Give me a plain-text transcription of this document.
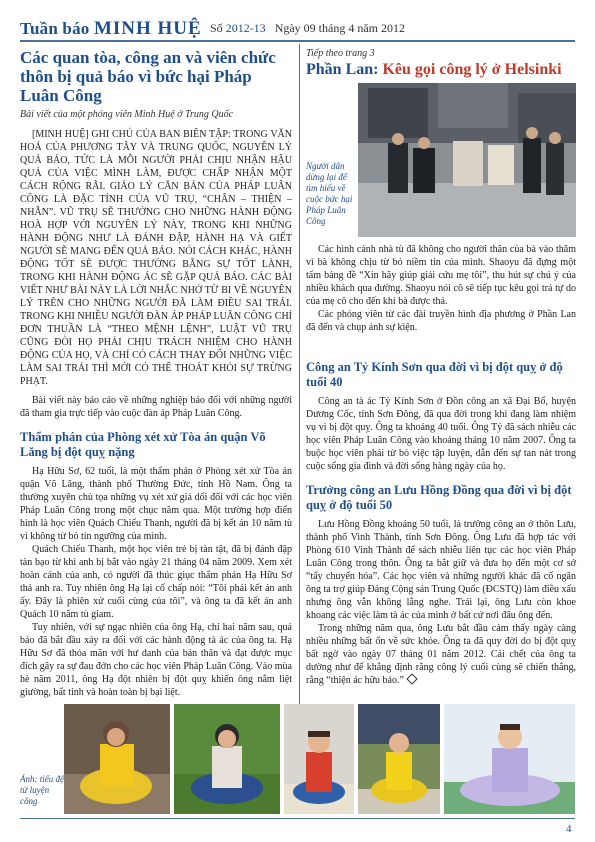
Tuần báo MINH HUỆ Số 2012-13 Ngày 09 tháng 4 năm 2012
Các quan tòa, công an và viên chức thôn bị quả báo vì bức hại Pháp Luân Công
Bài viết của một phóng viên Minh Huệ ở Trung Quốc

[MINH HUỆ] GHI CHÚ CỦA BAN BIÊN TẬP: TRONG VĂN HOÁ CỦA PHƯƠNG TÂY VÀ TRUNG QUỐC, NGUYÊN LÝ QUẢ BÁO, TỨC LÀ MỖI NGƯỜI PHẢI CHỊU NHẬN HẬU QUẢ CỦA VIỆC MÌNH LÀM, ĐƯỢC CHẤP NHẬN MỘT CÁCH RỘNG RÃI. GIÁO LÝ CĂN BẢN CỦA PHÁP LUÂN CÔNG LÀ ĐẶC TÍNH CỦA VŨ TRỤ, “CHÂN – THIỆN – NHẪN”. VŨ TRỤ SẼ THƯỞNG CHO NHỮNG HÀNH ĐỘNG HOÀ HỢP VỚI NGUYÊN LÝ NÀY, TRONG KHI NHỮNG HÀNH ĐỘNG NHƯ LÀ ĐÁNH ĐẬP, HÀNH HẠ VÀ GIẾT NGƯỜI SẼ MANG ĐẾN QUẢ BÁO. NÓI CÁCH KHÁC, HÀNH ĐỘNG TỐT SẼ ĐƯỢC THƯỞNG BẰNG SỰ TỐT LÀNH, TRONG KHI HÀNH ĐỘNG ÁC SẼ GẶP QUẢ BÁO. CÁC BÀI VIẾT NHƯ BÀI NÀY LÀ LỜI NHẮC NHỞ TỪ BI VỀ NGUYÊN LÝ TRÊN CHO NHỮNG NGƯỜI ĐÃ LÀM ĐIỀU SAI TRÁI. TRONG KHI NHIỀU NGƯỜI ĐÀN ÁP PHÁP LUÂN CÔNG CHỈ ĐƠN THUẦN LÀ “THEO MỆNH LỆNH”, LUẬT VŨ TRỤ CŨNG ĐÒI HỌ PHẢI CHỊU TRÁCH NHIỆM CHO HÀNH ĐỘNG CỦA HỌ, VÀ CHỈ CÓ CÁCH THAY ĐỔI NHỮNG VIỆC LÀM SAI TRÁI THÌ MỚI CÓ THỂ THOÁT KHỎI SỰ TRỪNG PHẠT.

Bài viết này báo cáo về những nghiệp báo đối với những người đã tham gia trực tiếp vào cuộc đàn áp Pháp Luân Công.

Thẩm phán của Phòng xét xử Tòa án quận Võ Lăng bị đột quỵ nặng

Hạ Hữu Sơ, 62 tuổi, là một thẩm phán ở Phòng xét xử Tòa án quận Võ Lăng, thành phố Thường Đức, tỉnh Hồ Nam. Ông ta thường xuyên chủ tọa những vụ xét xử giả dối đối với các học viên Pháp Luân Công trong một chục năm qua. Một trường hợp điển hình là học viên Quách Chiếu Thanh, người đã bị kết án 10 năm tù vì không từ bỏ tín ngưỡng của mình.

Quách Chiếu Thanh, một học viên trẻ bị tàn tật, đã bị đánh đập tàn bạo từ khi anh bị bắt vào ngày 21 tháng 04 năm 2009. Xem xét hoàn cảnh của anh, có người đã thúc giục thẩm phán Hạ Hữu Sơ thả anh ra. Tuy nhiên ông Hạ lại cố chấp nói: “Tôi phải kết án anh ấy. Đây là phiên xử cuối cùng của tôi”, và ông ta đã kết án anh Quách 10 năm tù giam.

Tuy nhiên, với sự ngạc nhiên của ông Hạ, chỉ hai năm sau, quả báo đã bắt đầu xảy ra đối với các hành động tà ác của ông ta. Hạ Hữu Sơ đã thỏa mãn với hư danh của bản thân và đạt được mục đích gây ra sự đau đớn cho các học viên Pháp Luân Công. Vào mùa hè năm 2011, ông Hạ đột nhiên bị đột quỵ khiến ông nằm liệt giường, bất tỉnh và hoàn toàn bị bại liệt.

Tiếp theo trang 3
Phần Lan: Kêu gọi công lý ở Helsinki
Người dân dừng lại để tìm hiểu về cuộc bức hại Pháp Luân Công

Các hình cảnh nhà tù đã không cho người thân của bà vào thăm vì bà không chịu từ bỏ niềm tin của mình. Shaoyu đã đựng một tấm bảng đề “Xin hãy giúp giải cứu mẹ tôi”, thu hút sự chú ý của nhiều khách qua đường. Shaoyu nói cô sẽ tiếp tục kêu gọi trả tự do của mẹ cô cho đến khi bà được thả.

Các phóng viên từ các đài truyền hình địa phương ở Phần Lan đã đến và chụp ảnh sự kiện.

Công an Tỷ Kính Sơn qua đời vì bị đột quỵ ở độ tuổi 40

Công an tà ác Tỷ Kính Sơn ở Đồn công an xã Đại Bổ, huyện Dương Cốc, tỉnh Sơn Đông, đã qua đời trong khi đang làm nhiệm vụ vì bị đột quỵ. Ông ta khoảng 40 tuổi. Ông Tỷ đã sách nhiễu các học viên Pháp Luân Công vào khoảng tháng 10 năm 2007. Ông ta buộc học viên phải từ bỏ việc tập luyện, dẫn đến sự tan nát trong cuộc sống gia đình và đời sống hàng ngày của họ.

Trưởng công an Lưu Hồng Đồng qua đời vì bị đột quỵ ở độ tuổi 50

Lưu Hồng Đồng khoảng 50 tuổi, là trưởng công an ở thôn Lưu, thành phố Vinh Thành, tỉnh Sơn Đông. Ông Lưu đã hợp tác với Phòng 610 Vinh Thành để sách nhiễu liên tục các học viên Pháp Luân Công trong thôn. Ông ta bắt giữ và đưa họ đến một cơ sở “tẩy chuyển hóa”. Các học viên và những người khác đã cố ngăn ông ta trợ giúp Đảng Cộng sản Trung Quốc (ĐCSTQ) làm điều xấu nhưng ông vẫn không lắng nghe. Trái lại, ông Lưu còn khoe khoang các việc làm tà ác của mình ở bất cứ nơi đâu ông đến.

Trong những năm qua, ông Lưu bắt đầu cảm thấy ngày càng nhiều những bất ổn về sức khỏe. Ông ta đã quy đời do bị đột quỵ bất ngờ vào ngày 07 tháng 01 năm 2012. Cái chết của ông ta dường như để khẳng định rằng công lý cuối cùng sẽ chiến thắng, rằng “thiện ác hữu báo.”

Ảnh: tiểu đệ tử luyện công
4
